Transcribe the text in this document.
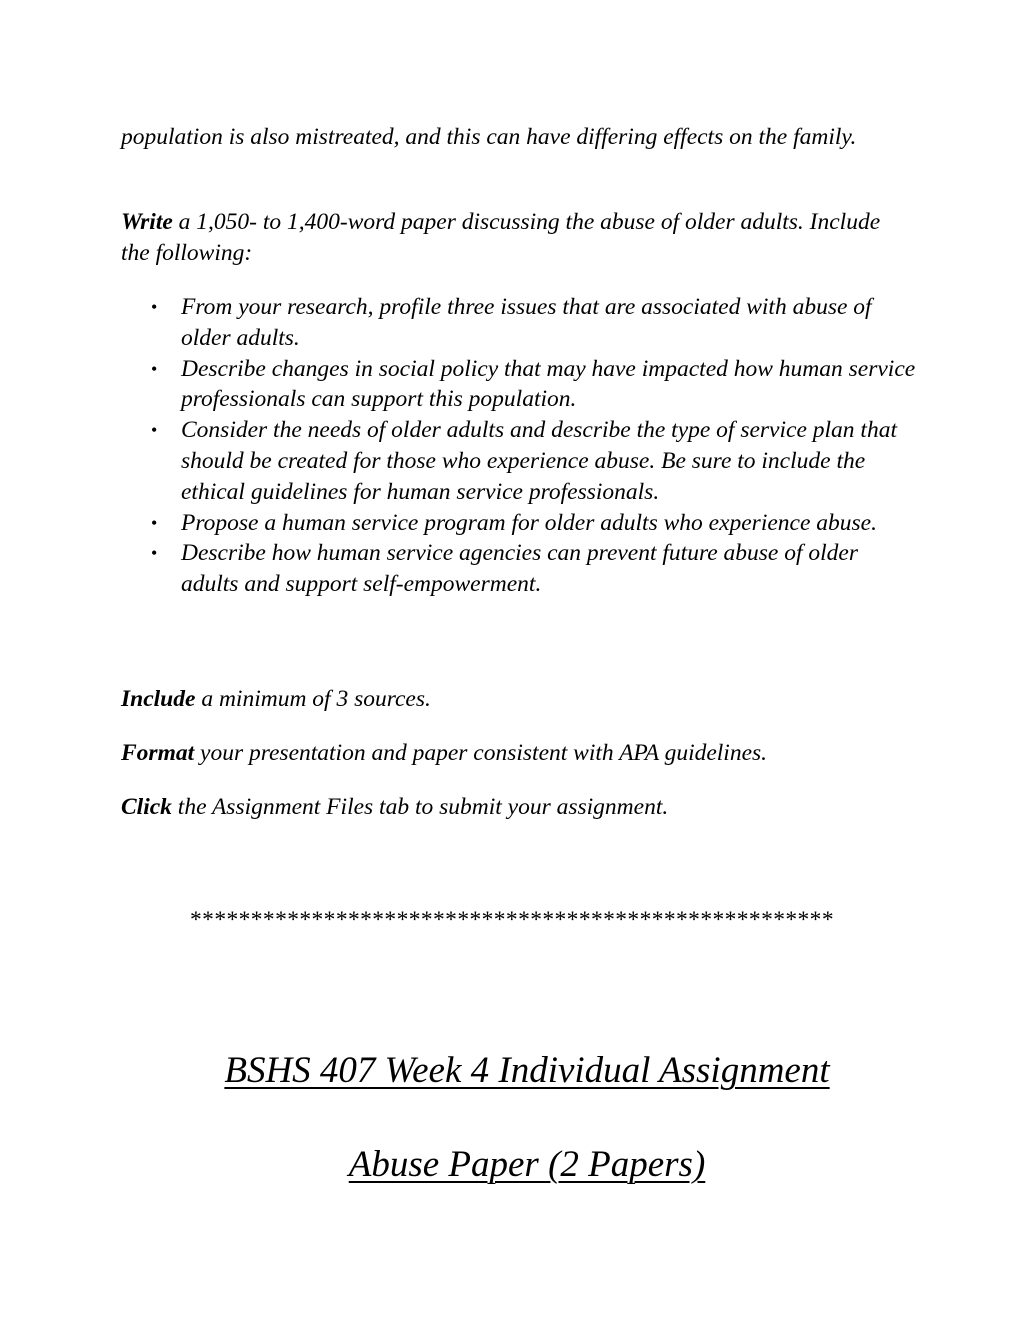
population is also mistreated, and this can have differing effects on the family.

Write a 1,050- to 1,400-word paper discussing the abuse of older adults. Include the following:

• From your research, profile three issues that are associated with abuse of older adults.
• Describe changes in social policy that may have impacted how human service professionals can support this population.
• Consider the needs of older adults and describe the type of service plan that should be created for those who experience abuse. Be sure to include the ethical guidelines for human service professionals.
• Propose a human service program for older adults who experience abuse.
• Describe how human service agencies can prevent future abuse of older adults and support self-empowerment.

Include a minimum of 3 sources.

Format your presentation and paper consistent with APA guidelines.

Click the Assignment Files tab to submit your assignment.

*****************************************************
BSHS 407 Week 4 Individual Assignment
Abuse Paper (2 Papers)
